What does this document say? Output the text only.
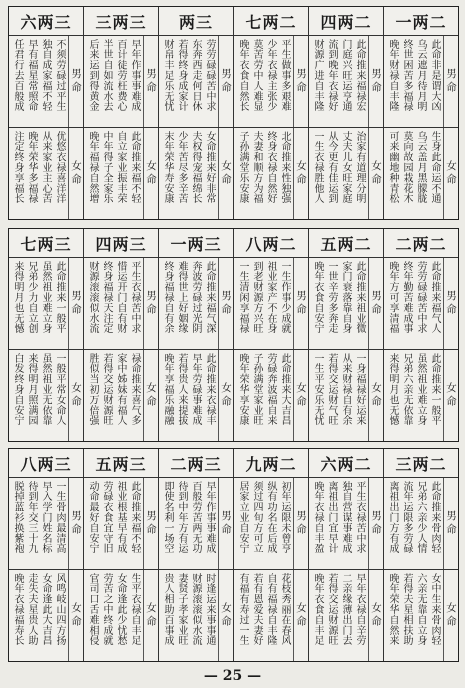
六两三
不须劳碌过平生
独自成家福不轻
早有福星常照命
任君行去百般成	男命
优悠衣禄喜洋洋
从来家业主心苦
晚年荣华多福禄
注定终身享福长	女命
三两三
早年作事事难成
百计徒劳枉费心
半世自如流水去
后来运到得黄金	男命
此命推来福不轻
自立家业振丰荣
中年得子全家乐
晚年福禄自然增	女命
两三
劳劳碌碌苦中求
东奔西走何日休
若得终身成家计
财帛丰足乐无忧	男命
女命推来好非常
夫权得宠福绵长
少年苦尽多辛苦
末年荣华寿安康	女命
七两二
平生做事多艰难
少年衣禄主张少
莫苦劳中人难显
晚年衣食自然长	男命
北命推来性独强
终身衣禄自然好
夫妻和顺方为福
子孙满堂乐安康	女命
四两二
此命推来福禄宏
门庭兴旺运亨通
流到晚年衣禄好
财源广进自丰隆	男命
治家有道理分明
丈夫儿女旺家庭
从今更有佳运到
一生衣禄胜他人	女命
一两二
此命非是谓大凶
乌云遮月待月明
终世困苦多福禄
晚年财禄自丰隆	男命
生身此命运不通
乌云盖月黑朦胧
莫向故园栽花木
可来幽地种青松	女命
七两三
此命推来一般平
虽然祖业难立身
兄弟少力自立创
来得明月也无憾	男命
一般平常女命人
虽然祖业无依靠
来得明月照满园
白发终身自安宁	女命
四两三
平生衣禄苦中求
惜运开门自有财
终身福禄天注定
财源滚滚似水流	男命
禄命推来喜气多
家中姊妹有福人
若得交运财源旺
胜似当初万倍强	女命
一两三
此命推来福气深
奔波劳碌过光阴
难得世上好姻缘
终身福禄自有余	男命
此命推来衣禄丰
早年劳碌事难成
若得贵人来提拔
晚年享福乐融融	女命
八两二
一生作事少成就
祖业家产不在身
到老财源方兴旺
一生清闲享福禄	男命
此命推来大吉昌
劳碌奔波福自来
子孙满堂家业旺
晚年荣华享安康	女命
五两二
此命推来祖业微
家门衰落靠自身
一世辛劳多奔走
晚年衣食自安宁	男命
一身福禄好运来
从来财禄自有余
若得交运财气旺
一生平安乐无忧	女命
二两二
此命推来福气人
劳劳碌碌苦中求
终年勤苦难成事
晚年方可享清福	男命
此命推来一般平
虽然祖业难立身
兄弟六亲无依靠
来得明月也无憾	女命
八两三
一生骨肉最清高
早入学门姓名标
待到年交三十九
脱掉蓝衫换紫袍	男命
风鸣岐山四方扬
女命逢此大吉昌
走失夫星贵人助
晚年衣禄福寿长	女命
五两三
此命推来福不轻
祖业根基早有成
劳碌衣食宜守旧
动命最好自安宁	男命
生平衣禄自丰足
女命逢此少忧愁
劳苦之中终成就
官司口舌难相侵	女命
二两三
早年作事事难成
百般劳苦两无功
待到中年方有运
即使名利一场空	男命
时逢运来事事通
财源滚滚似水流
妻贤子孝家业旺
贵人相助百事成	女命
九两二
初年运限未曾亨
纵有功名在后成
须过四旬方可立
居家立业自安宁	男命
花枝秀丽在春风
自有福禄自丰隆
若有恩爱夫妻好
有福有寿过一生	女命
六两二
平生衣禄苦中求
独自营谋事难成
离祖出门宜早计
晚年衣禄自丰盈	男命
早年衣禄自辛劳
二亲缘薄出门去
若得交运财源旺
晚年衣食自丰足	女命
三两二
此命推来骨肉轻
兄弟六亲少人情
流年运限多劳碌
离祖出门方有成	男命
女中生来骨肉轻
六亲无靠自立身
若得夫星相扶助
晚年荣华自然来	女命
— 25 —
